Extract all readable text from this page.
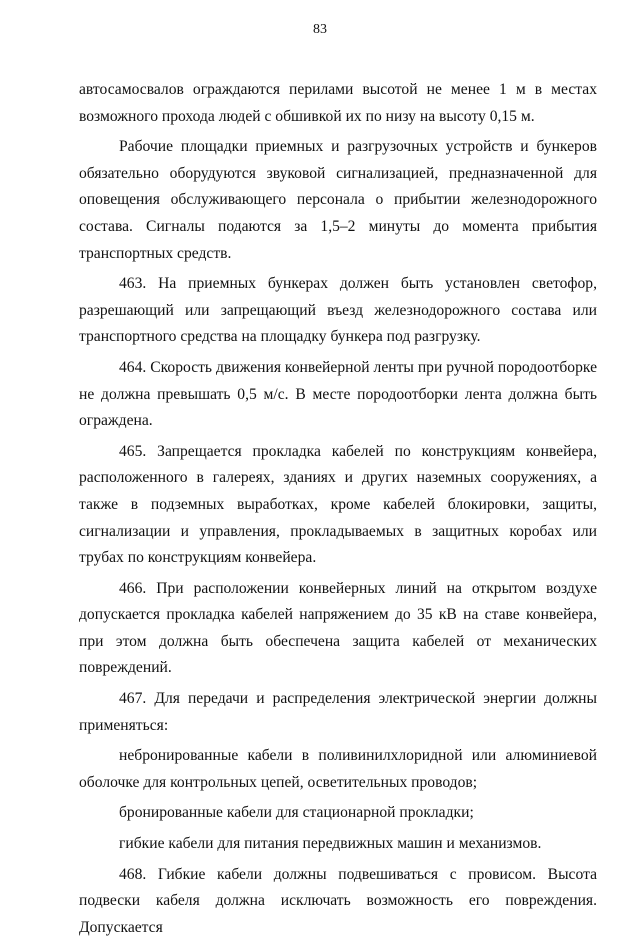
83

автосамосвалов ограждаются перилами высотой не менее 1 м в местах возможного прохода людей с обшивкой их по низу на высоту 0,15 м.

Рабочие площадки приемных и разгрузочных устройств и бункеров обязательно оборудуются звуковой сигнализацией, предназначенной для оповещения обслуживающего персонала о прибытии железнодорожного состава. Сигналы подаются за 1,5–2 минуты до момента прибытия транспортных средств.

463. На приемных бункерах должен быть установлен светофор, разрешающий или запрещающий въезд железнодорожного состава или транспортного средства на площадку бункера под разгрузку.

464. Скорость движения конвейерной ленты при ручной породоотборке не должна превышать 0,5 м/с. В месте породоотборки лента должна быть ограждена.

465. Запрещается прокладка кабелей по конструкциям конвейера, расположенного в галереях, зданиях и других наземных сооружениях, а также в подземных выработках, кроме кабелей блокировки, защиты, сигнализации и управления, прокладываемых в защитных коробах или трубах по конструкциям конвейера.

466. При расположении конвейерных линий на открытом воздухе допускается прокладка кабелей напряжением до 35 кВ на ставе конвейера, при этом должна быть обеспечена защита кабелей от механических повреждений.

467. Для передачи и распределения электрической энергии должны применяться:

небронированные кабели в поливинилхлоридной или алюминиевой оболочке для контрольных цепей, осветительных проводов;

бронированные кабели для стационарной прокладки;

гибкие кабели для питания передвижных машин и механизмов.

468. Гибкие кабели должны подвешиваться с провисом. Высота подвески кабеля должна исключать возможность его повреждения. Допускается
